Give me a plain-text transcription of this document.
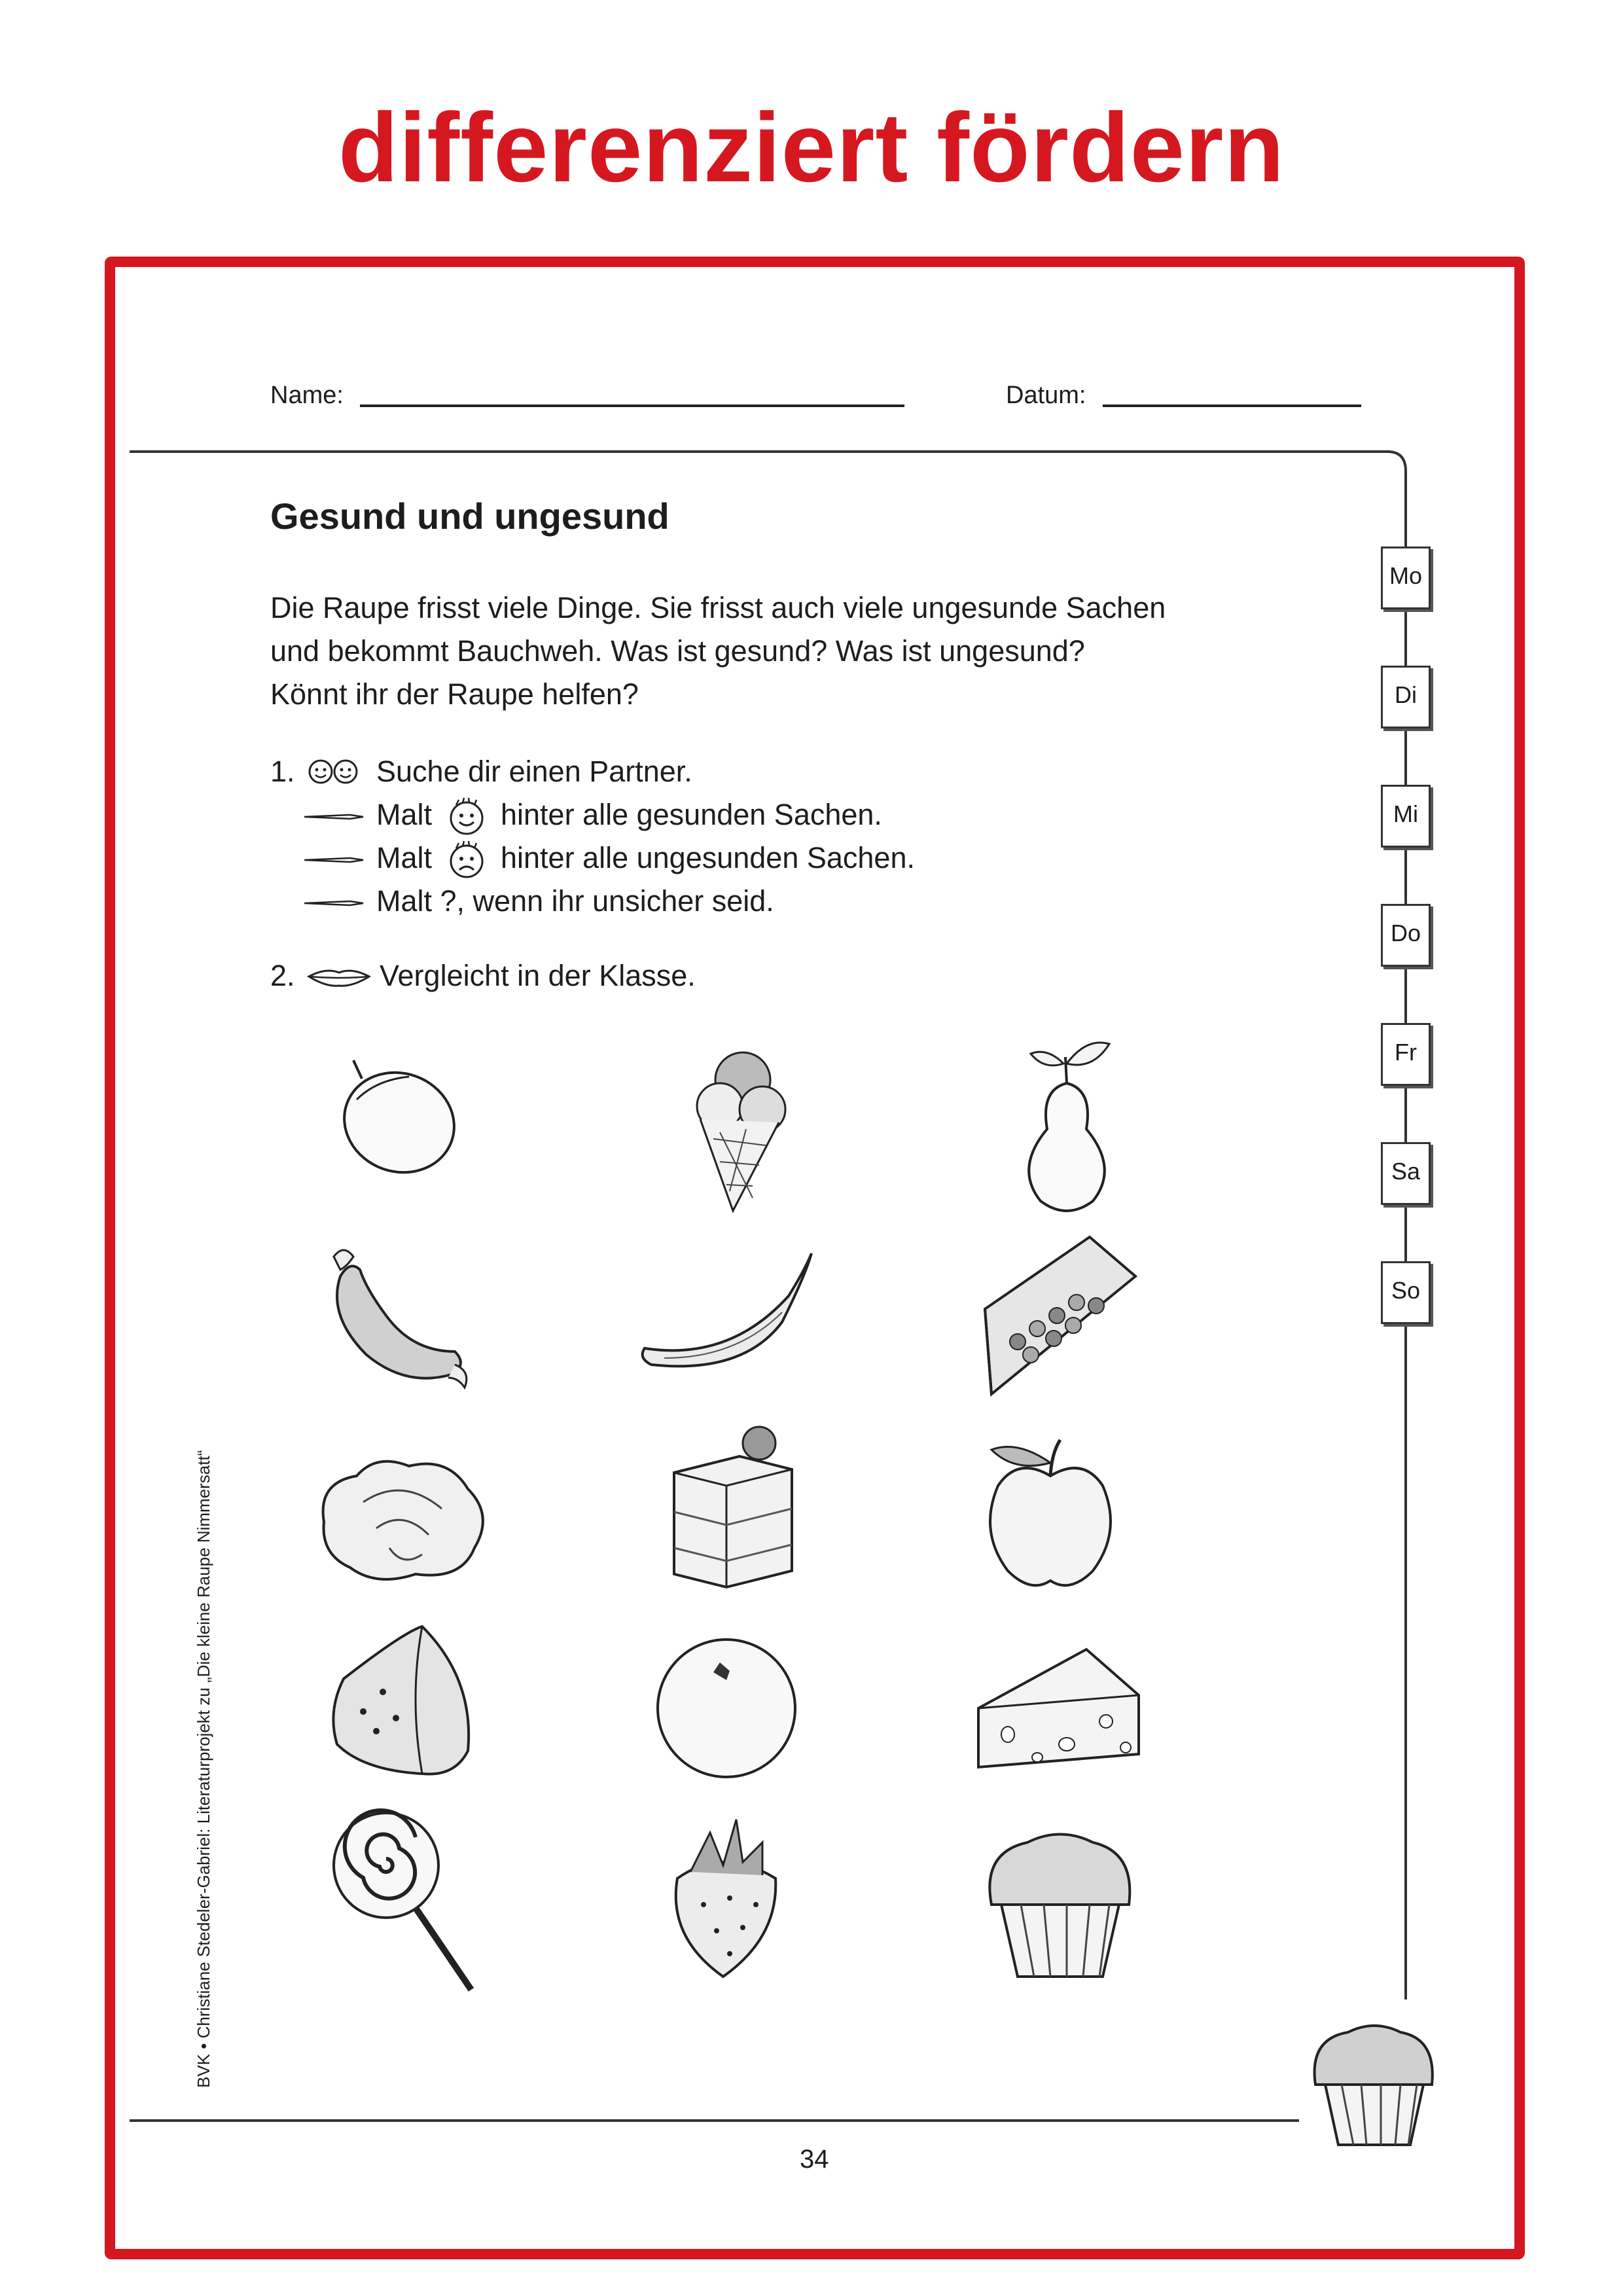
differenziert fördern
Name:	Datum:
Gesund und ungesund
Die Raupe frisst viele Dinge. Sie frisst auch viele ungesunde Sachen
und bekommt Bauchweh. Was ist gesund? Was ist ungesund?
Könnt ihr der Raupe helfen?
1.	Suche dir einen Partner.
Malt hinter alle gesunden Sachen.
Malt hinter alle ungesunden Sachen.
Malt ?, wenn ihr unsicher seid.
2.	Vergleicht in der Klasse.
Mo
Di
Mi
Do
Fr
Sa
So
BVK • Christiane Stedeler-Gabriel: Literaturprojekt zu „Die kleine Raupe Nimmersatt“
34
